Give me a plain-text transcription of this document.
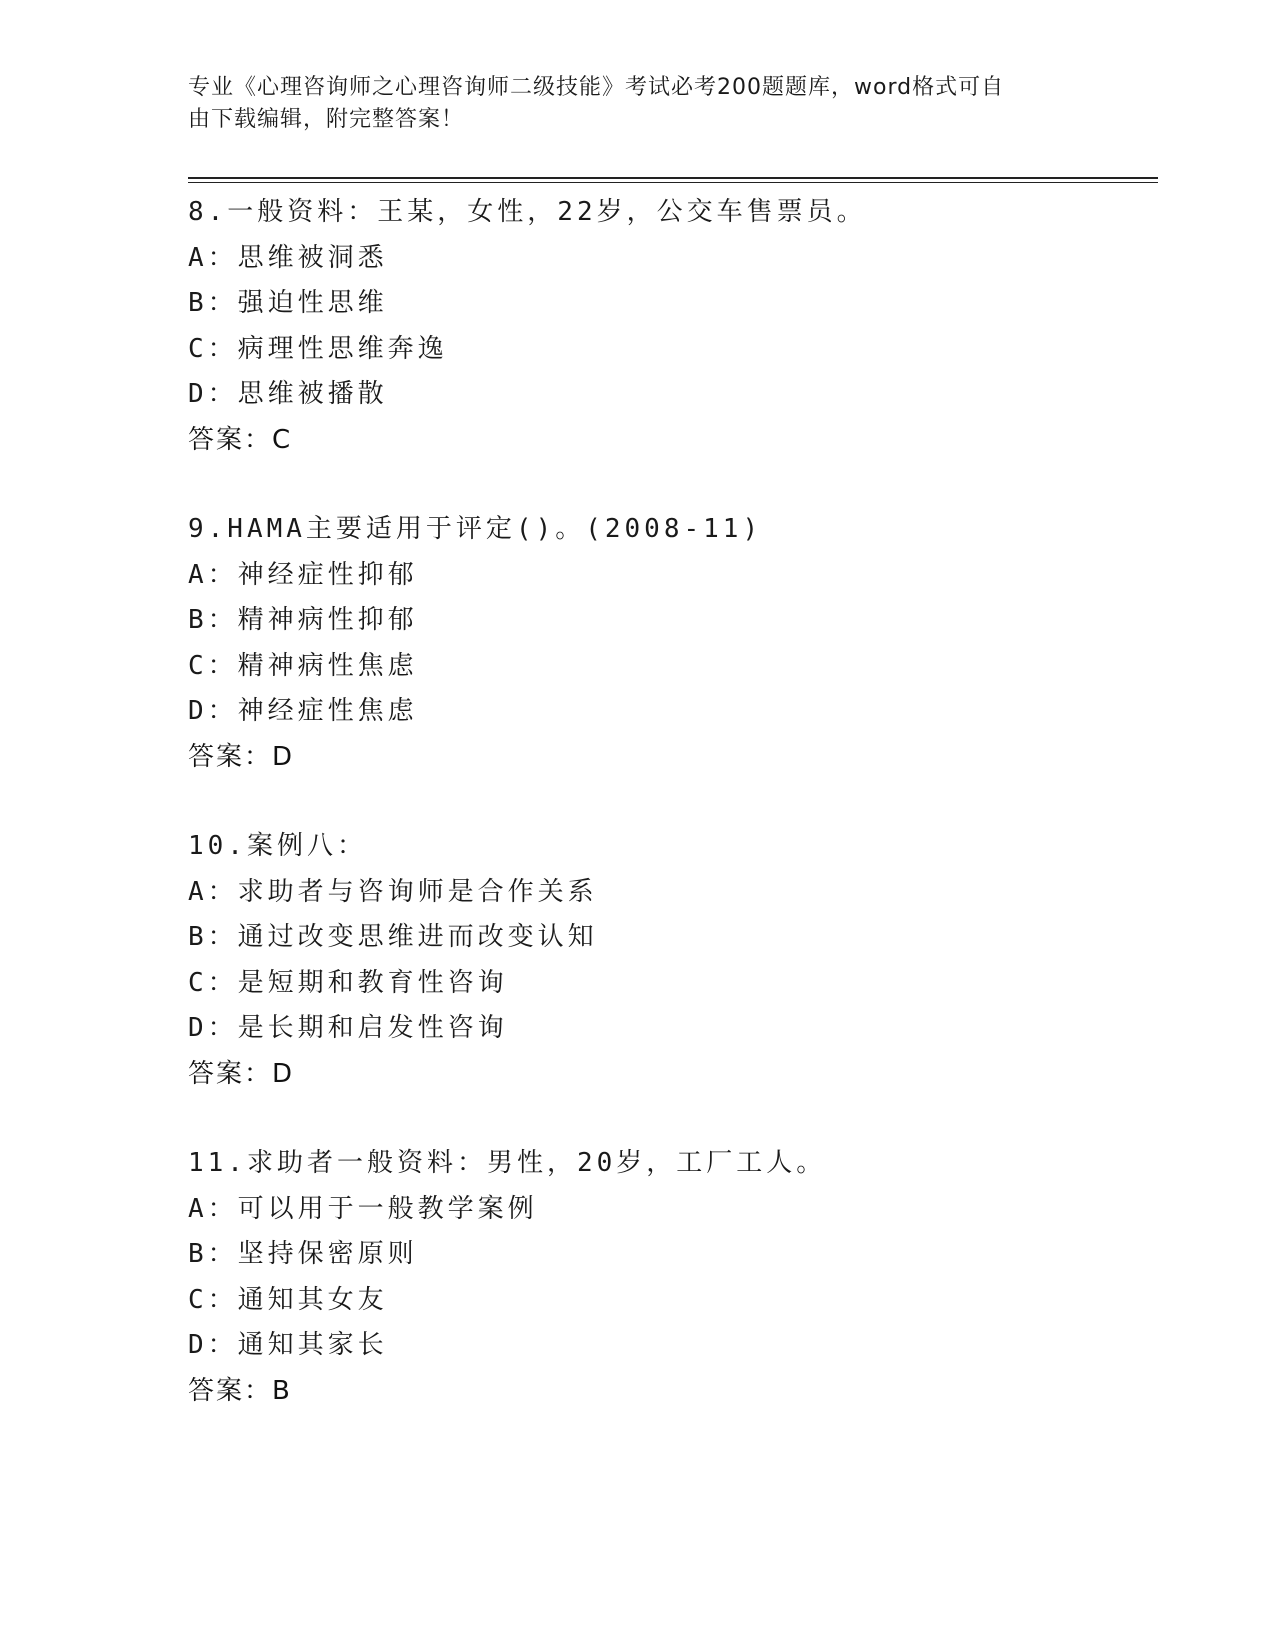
专业《心理咨询师之心理咨询师二级技能》考试必考200题题库，word格式可自
由下载编辑，附完整答案！
8.一般资料：王某，女性，22岁，公交车售票员。
A：思维被洞悉
B：强迫性思维
C：病理性思维奔逸
D：思维被播散
答案：C
9.HAMA主要适用于评定()。(2008-11)
A：神经症性抑郁
B：精神病性抑郁
C：精神病性焦虑
D：神经症性焦虑
答案：D
10.案例八：
A：求助者与咨询师是合作关系
B：通过改变思维进而改变认知
C：是短期和教育性咨询
D：是长期和启发性咨询
答案：D
11.求助者一般资料：男性，20岁，工厂工人。
A：可以用于一般教学案例
B：坚持保密原则
C：通知其女友
D：通知其家长
答案：B
